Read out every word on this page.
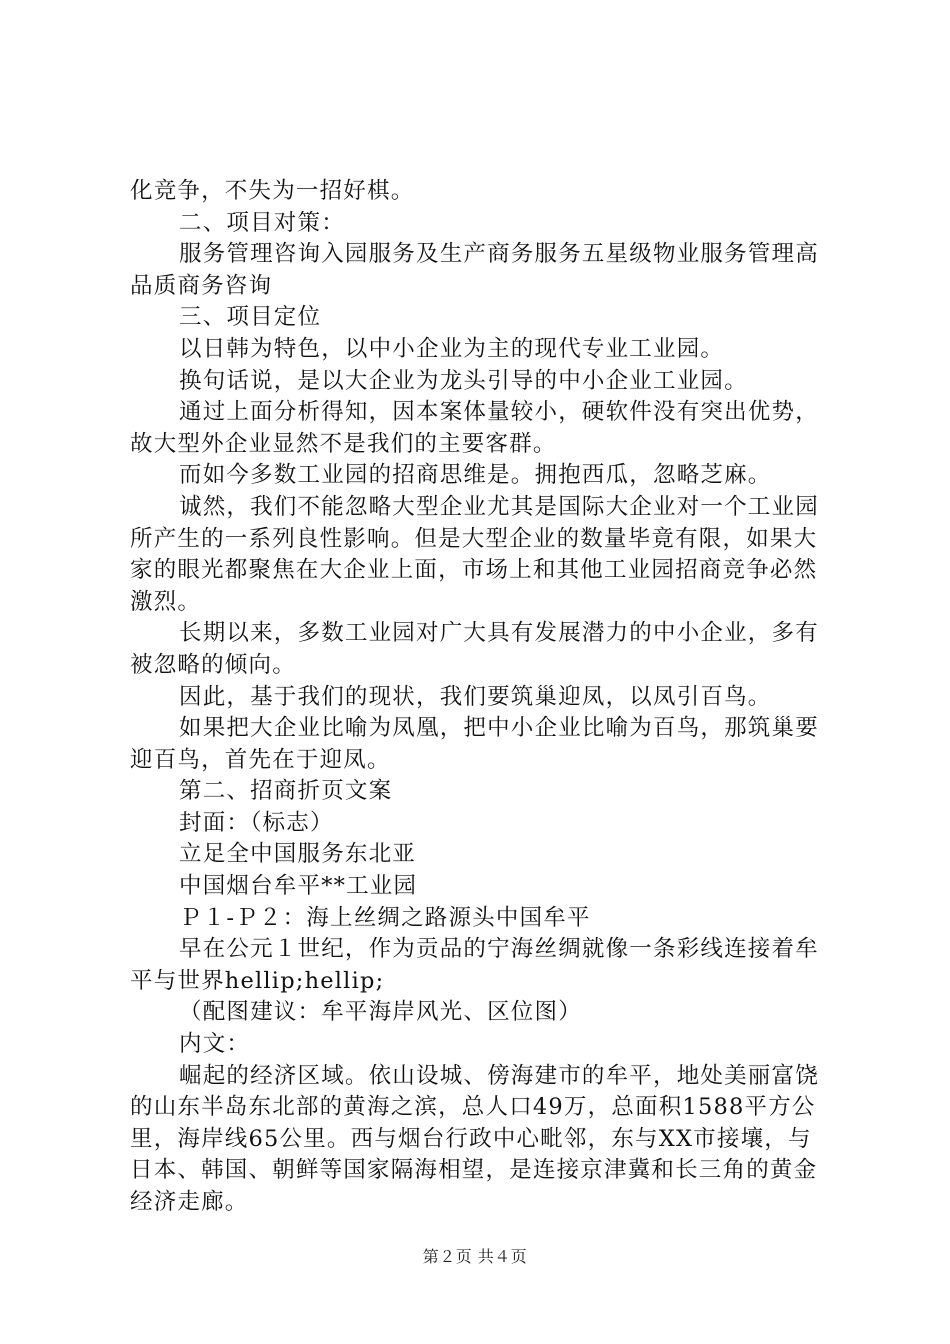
化竞争，不失为一招好棋。

二、项目对策：

服务管理咨询入园服务及生产商务服务五星级物业服务管理高品质商务咨询

三、项目定位

以日韩为特色，以中小企业为主的现代专业工业园。

换句话说，是以大企业为龙头引导的中小企业工业园。

通过上面分析得知，因本案体量较小，硬软件没有突出优势，故大型外企业显然不是我们的主要客群。

而如今多数工业园的招商思维是。拥抱西瓜，忽略芝麻。

诚然，我们不能忽略大型企业尤其是国际大企业对一个工业园所产生的一系列良性影响。但是大型企业的数量毕竟有限，如果大家的眼光都聚焦在大企业上面，市场上和其他工业园招商竞争必然激烈。

长期以来，多数工业园对广大具有发展潜力的中小企业，多有被忽略的倾向。

因此，基于我们的现状，我们要筑巢迎凤，以凤引百鸟。

如果把大企业比喻为凤凰，把中小企业比喻为百鸟，那筑巢要迎百鸟，首先在于迎凤。

第二、招商折页文案

封面：（标志）

立足全中国服务东北亚

中国烟台牟平**工业园

Ｐ１-Ｐ２：海上丝绸之路源头中国牟平

早在公元１世纪，作为贡品的宁海丝绸就像一条彩线连接着牟平与世界hellip;hellip;

（配图建议：牟平海岸风光、区位图）

内文：

崛起的经济区域。依山设城、傍海建市的牟平，地处美丽富饶的山东半岛东北部的黄海之滨，总人口49万，总面积1588平方公里，海岸线65公里。西与烟台行政中心毗邻，东与XX市接壤，与日本、韩国、朝鲜等国家隔海相望，是连接京津冀和长三角的黄金经济走廊。

第２页 共４页
